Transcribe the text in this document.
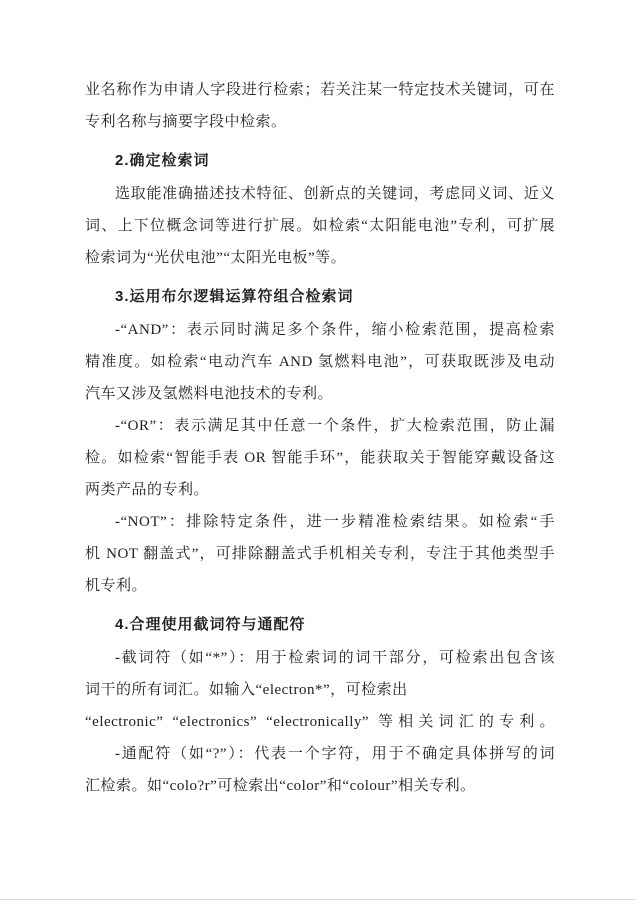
业名称作为申请人字段进行检索；若关注某一特定技术关键词，可在
专利名称与摘要字段中检索。
2.确定检索词
选取能准确描述技术特征、创新点的关键词，考虑同义词、近义
词、上下位概念词等进行扩展。如检索“太阳能电池”专利，可扩展
检索词为“光伏电池”“太阳光电板”等。
3.运用布尔逻辑运算符组合检索词
-“AND”：表示同时满足多个条件，缩小检索范围，提高检索
精准度。如检索“电动汽车 AND 氢燃料电池”，可获取既涉及电动
汽车又涉及氢燃料电池技术的专利。
-“OR”：表示满足其中任意一个条件，扩大检索范围，防止漏
检。如检索“智能手表 OR 智能手环”，能获取关于智能穿戴设备这
两类产品的专利。
-“NOT”：排除特定条件，进一步精准检索结果。如检索“手
机 NOT 翻盖式”，可排除翻盖式手机相关专利，专注于其他类型手
机专利。
4.合理使用截词符与通配符
-截词符（如“*”）：用于检索词的词干部分，可检索出包含该
词干的所有词汇。如输入“electron*”，可检索出
“electronic” “electronics” “electronically” 等相关词汇的专利。
-通配符（如“?”）：代表一个字符，用于不确定具体拼写的词
汇检索。如“colo?r”可检索出“color”和“colour”相关专利。
